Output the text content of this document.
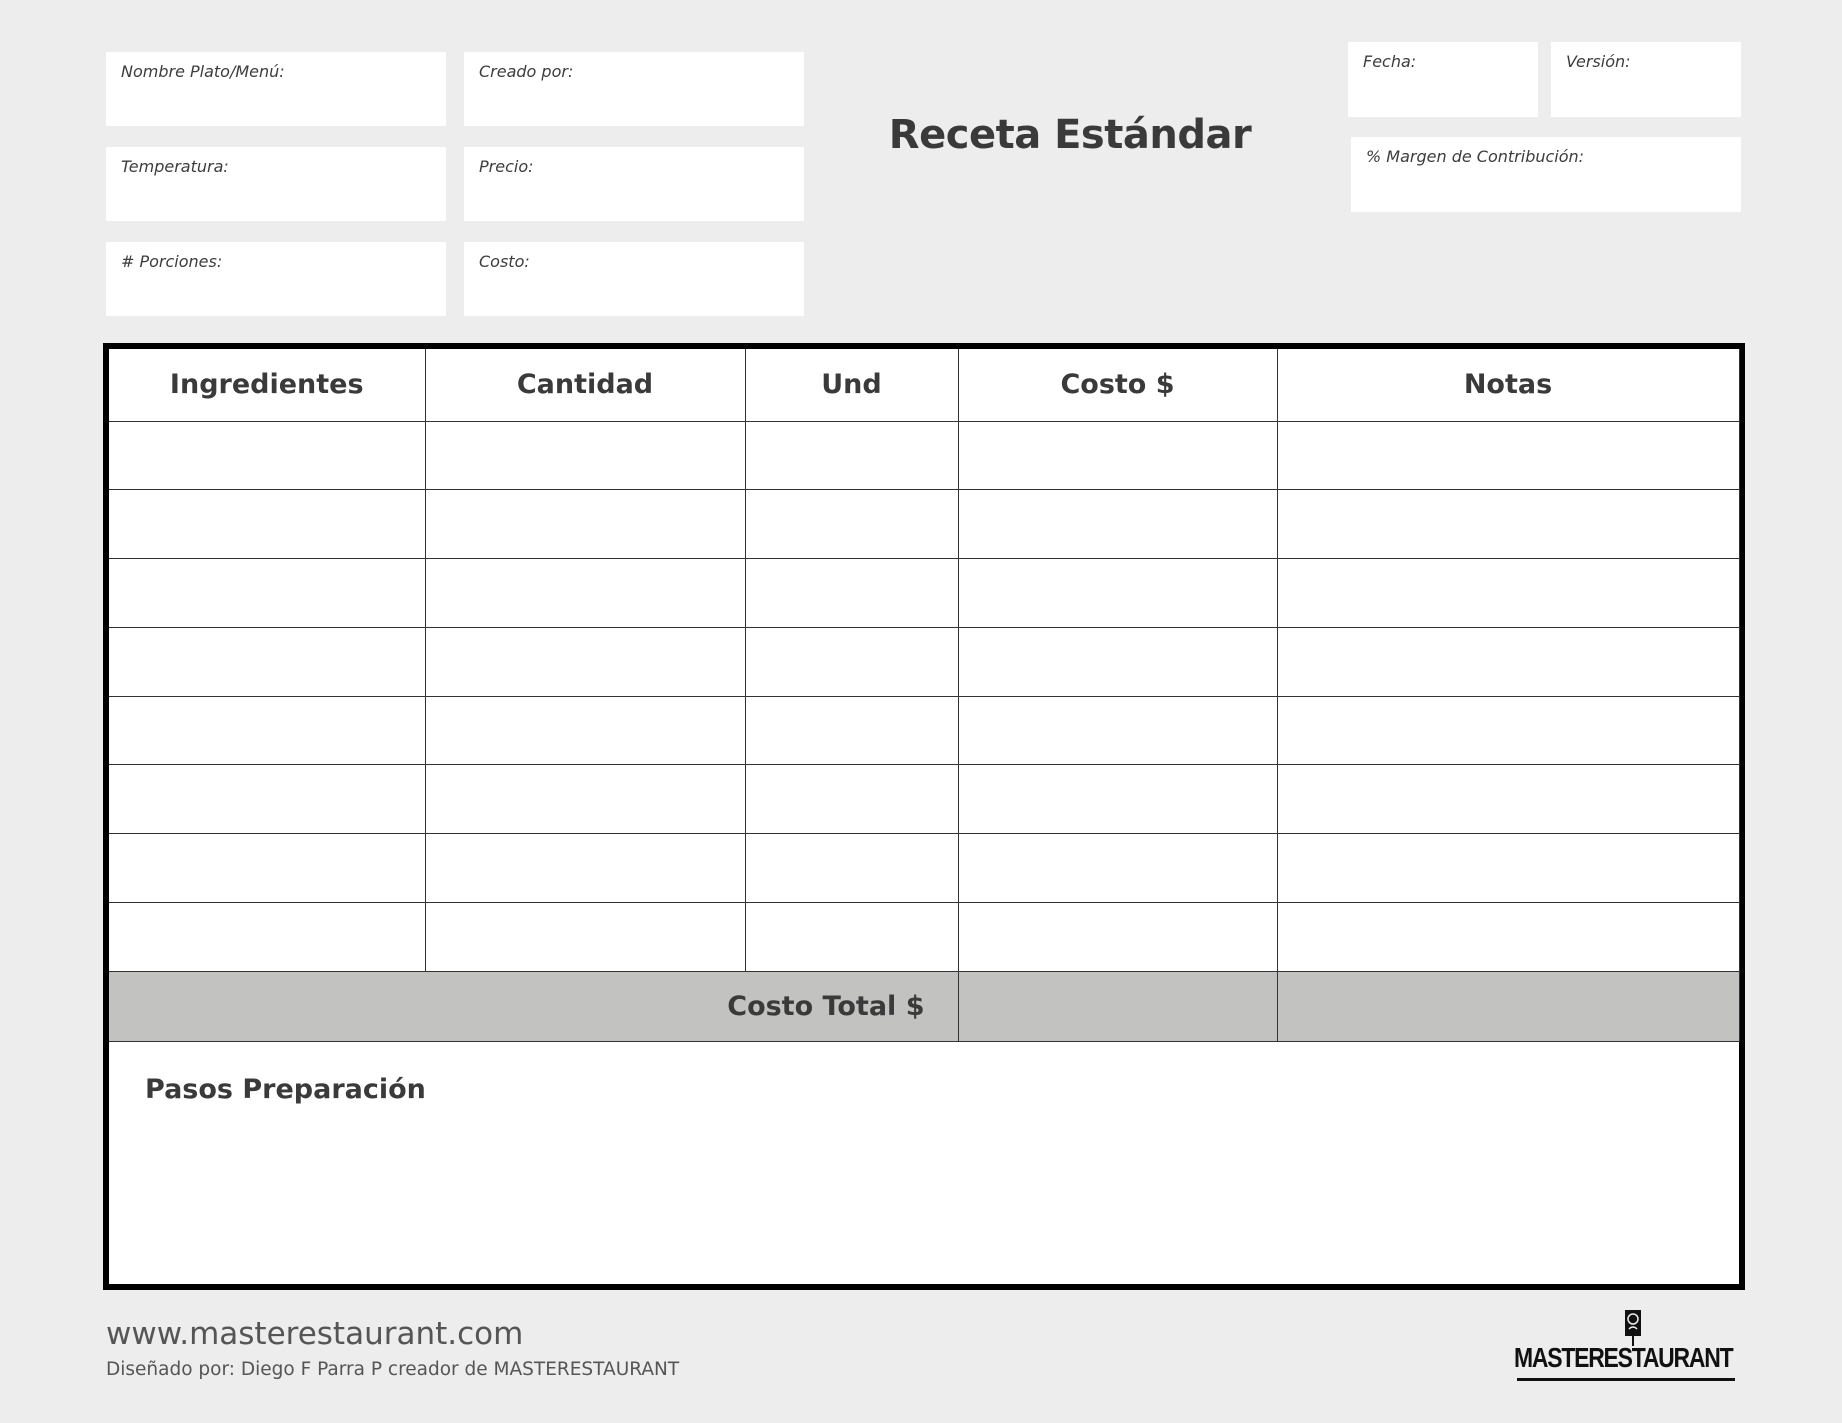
Nombre Plato/Menú:	Creado por:
Temperatura:	Precio:
# Porciones:	Costo:
Receta Estándar
Fecha:	Versión:
% Margen de Contribución:
Ingredientes	Cantidad	Und	Costo $	Notas

Costo Total $				
Pasos Preparación
www.masterestaurant.com
Diseñado por: Diego F Parra P creador de MASTERESTAURANT	MASTERESTAURANT
